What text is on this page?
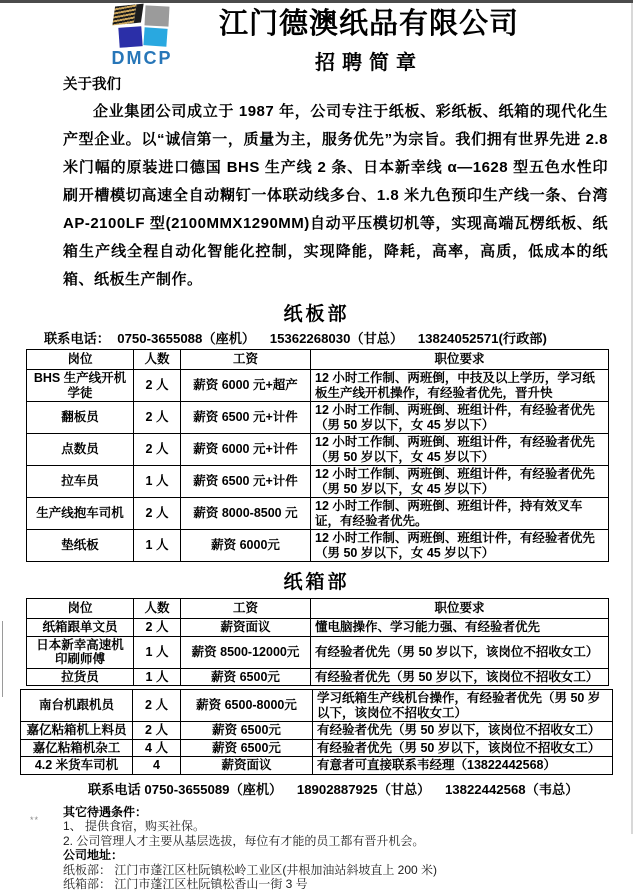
DMCP
江门德澳纸品有限公司
招聘简章
关于我们

企业集团公司成立于 1987 年，公司专注于纸板、彩纸板、纸箱的现代化生产型企业。以“诚信第一，质量为主，服务优先”为宗旨。我们拥有世界先进 2.8 米门幅的原装进口德国 BHS 生产线 2 条、日本新幸线 α—1628 型五色水性印刷开槽模切高速全自动糊钉一体联动线多台、1.8 米九色预印生产线一条、台湾 AP-2100LF 型(2100MMX1290MM)自动平压模切机等，实现高端瓦楞纸板、纸箱生产线全程自动化智能化控制，实现降能，降耗，高率，高质，低成本的纸箱、纸板生产制作。

纸板部
联系电话：  0750-3655088（座机）    15362268030（甘总）    13824052571(行政部)
岗位	人数	工资	职位要求
BHS 生产线开机学徒	2 人	薪资 6000 元+超产	12 小时工作制、两班倒，中技及以上学历，学习纸板生产线开机操作，有经验者优先，晋升快
翻板员	2 人	薪资 6500 元+计件	12 小时工作制、两班倒、班组计件，有经验者优先（男 50 岁以下，女 45 岁以下）
点数员	2 人	薪资 6000 元+计件	12 小时工作制、两班倒、班组计件，有经验者优先（男 50 岁以下，女 45 岁以下）
拉车员	1 人	薪资 6500 元+计件	12 小时工作制、两班倒、班组计件，有经验者优先（男 50 岁以下，女 45 岁以下）
生产线抱车司机	2 人	薪资 8000-8500 元	12 小时工作制、两班倒、班组计件，持有效叉车证，有经验者优先。
垫纸板	1 人	薪资 6000元	12 小时工作制、两班倒、班组计件，有经验者优先（男 50 岁以下，女 45 岁以下）
纸箱部
岗位	人数	工资	职位要求
纸箱跟单文员	2 人	薪资面议	懂电脑操作、学习能力强、有经验者优先
日本新幸高速机印刷师傅	1 人	薪资 8500-12000元	有经验者优先（男 50 岁以下，该岗位不招收女工）
拉货员	1 人	薪资 6500元	有经验者优先（男 50 岁以下，该岗位不招收女工）
南台机跟机员	2 人	薪资 6500-8000元	学习纸箱生产线机台操作，有经验者优先（男 50 岁以下，该岗位不招收女工）
嘉亿粘箱机上料员	2 人	薪资 6500元	有经验者优先（男 50 岁以下，该岗位不招收女工）
嘉亿粘箱机杂工	4 人	薪资 6500元	有经验者优先（男 50 岁以下，该岗位不招收女工）
4.2 米货车司机	4	薪资面议	有意者可直接联系韦经理（13822442568）
联系电话 0750-3655089（座机）    18902887925（甘总）    13822442568（韦总）
其它待遇条件：
1、 提供食宿，购买社保。
2. 公司管理人才主要从基层选拔，每位有才能的员工都有晋升机会。
公司地址：
纸板部： 江门市蓬江区杜阮镇松岭工业区(井根加油站斜坡直上 200 米)
纸箱部： 江门市蓬江区杜阮镇松香山一街 3 号
**
